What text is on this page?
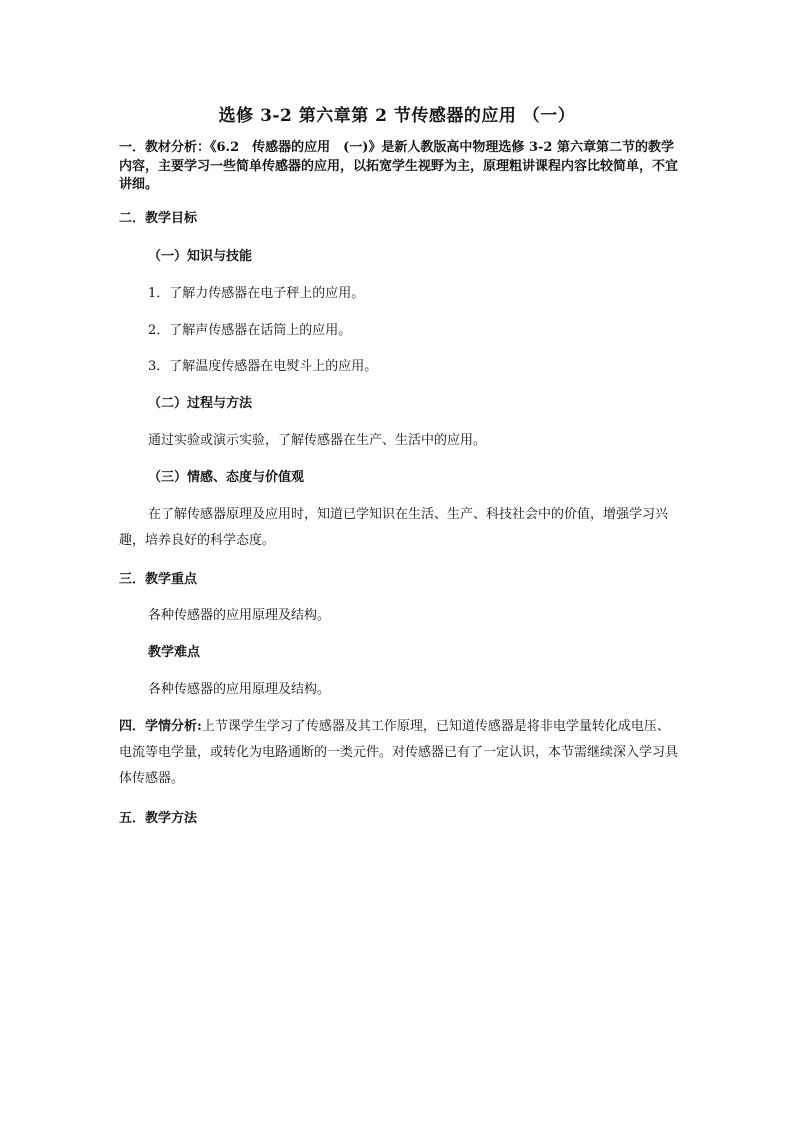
选修 3-2 第六章第 2 节传感器的应用 （一）
一．教材分析：《6.2　传感器的应用　(一)》是新人教版高中物理选修 3-2 第六章第二节的教学内容，主要学习一些简单传感器的应用，以拓宽学生视野为主，原理粗讲课程内容比较简单，不宜讲细。
二．教学目标
（一）知识与技能
1．了解力传感器在电子秤上的应用。
2．了解声传感器在话筒上的应用。
3．了解温度传感器在电熨斗上的应用。
（二）过程与方法
通过实验或演示实验，了解传感器在生产、生活中的应用。
（三）情感、态度与价值观
在了解传感器原理及应用时，知道已学知识在生活、生产、科技社会中的价值，增强学习兴趣，培养良好的科学态度。
三．教学重点
各种传感器的应用原理及结构。
教学难点
各种传感器的应用原理及结构。
四．学情分析:上节课学生学习了传感器及其工作原理，已知道传感器是将非电学量转化成电压、电流等电学量，或转化为电路通断的一类元件。对传感器已有了一定认识，本节需继续深入学习具体传感器。
五．教学方法
